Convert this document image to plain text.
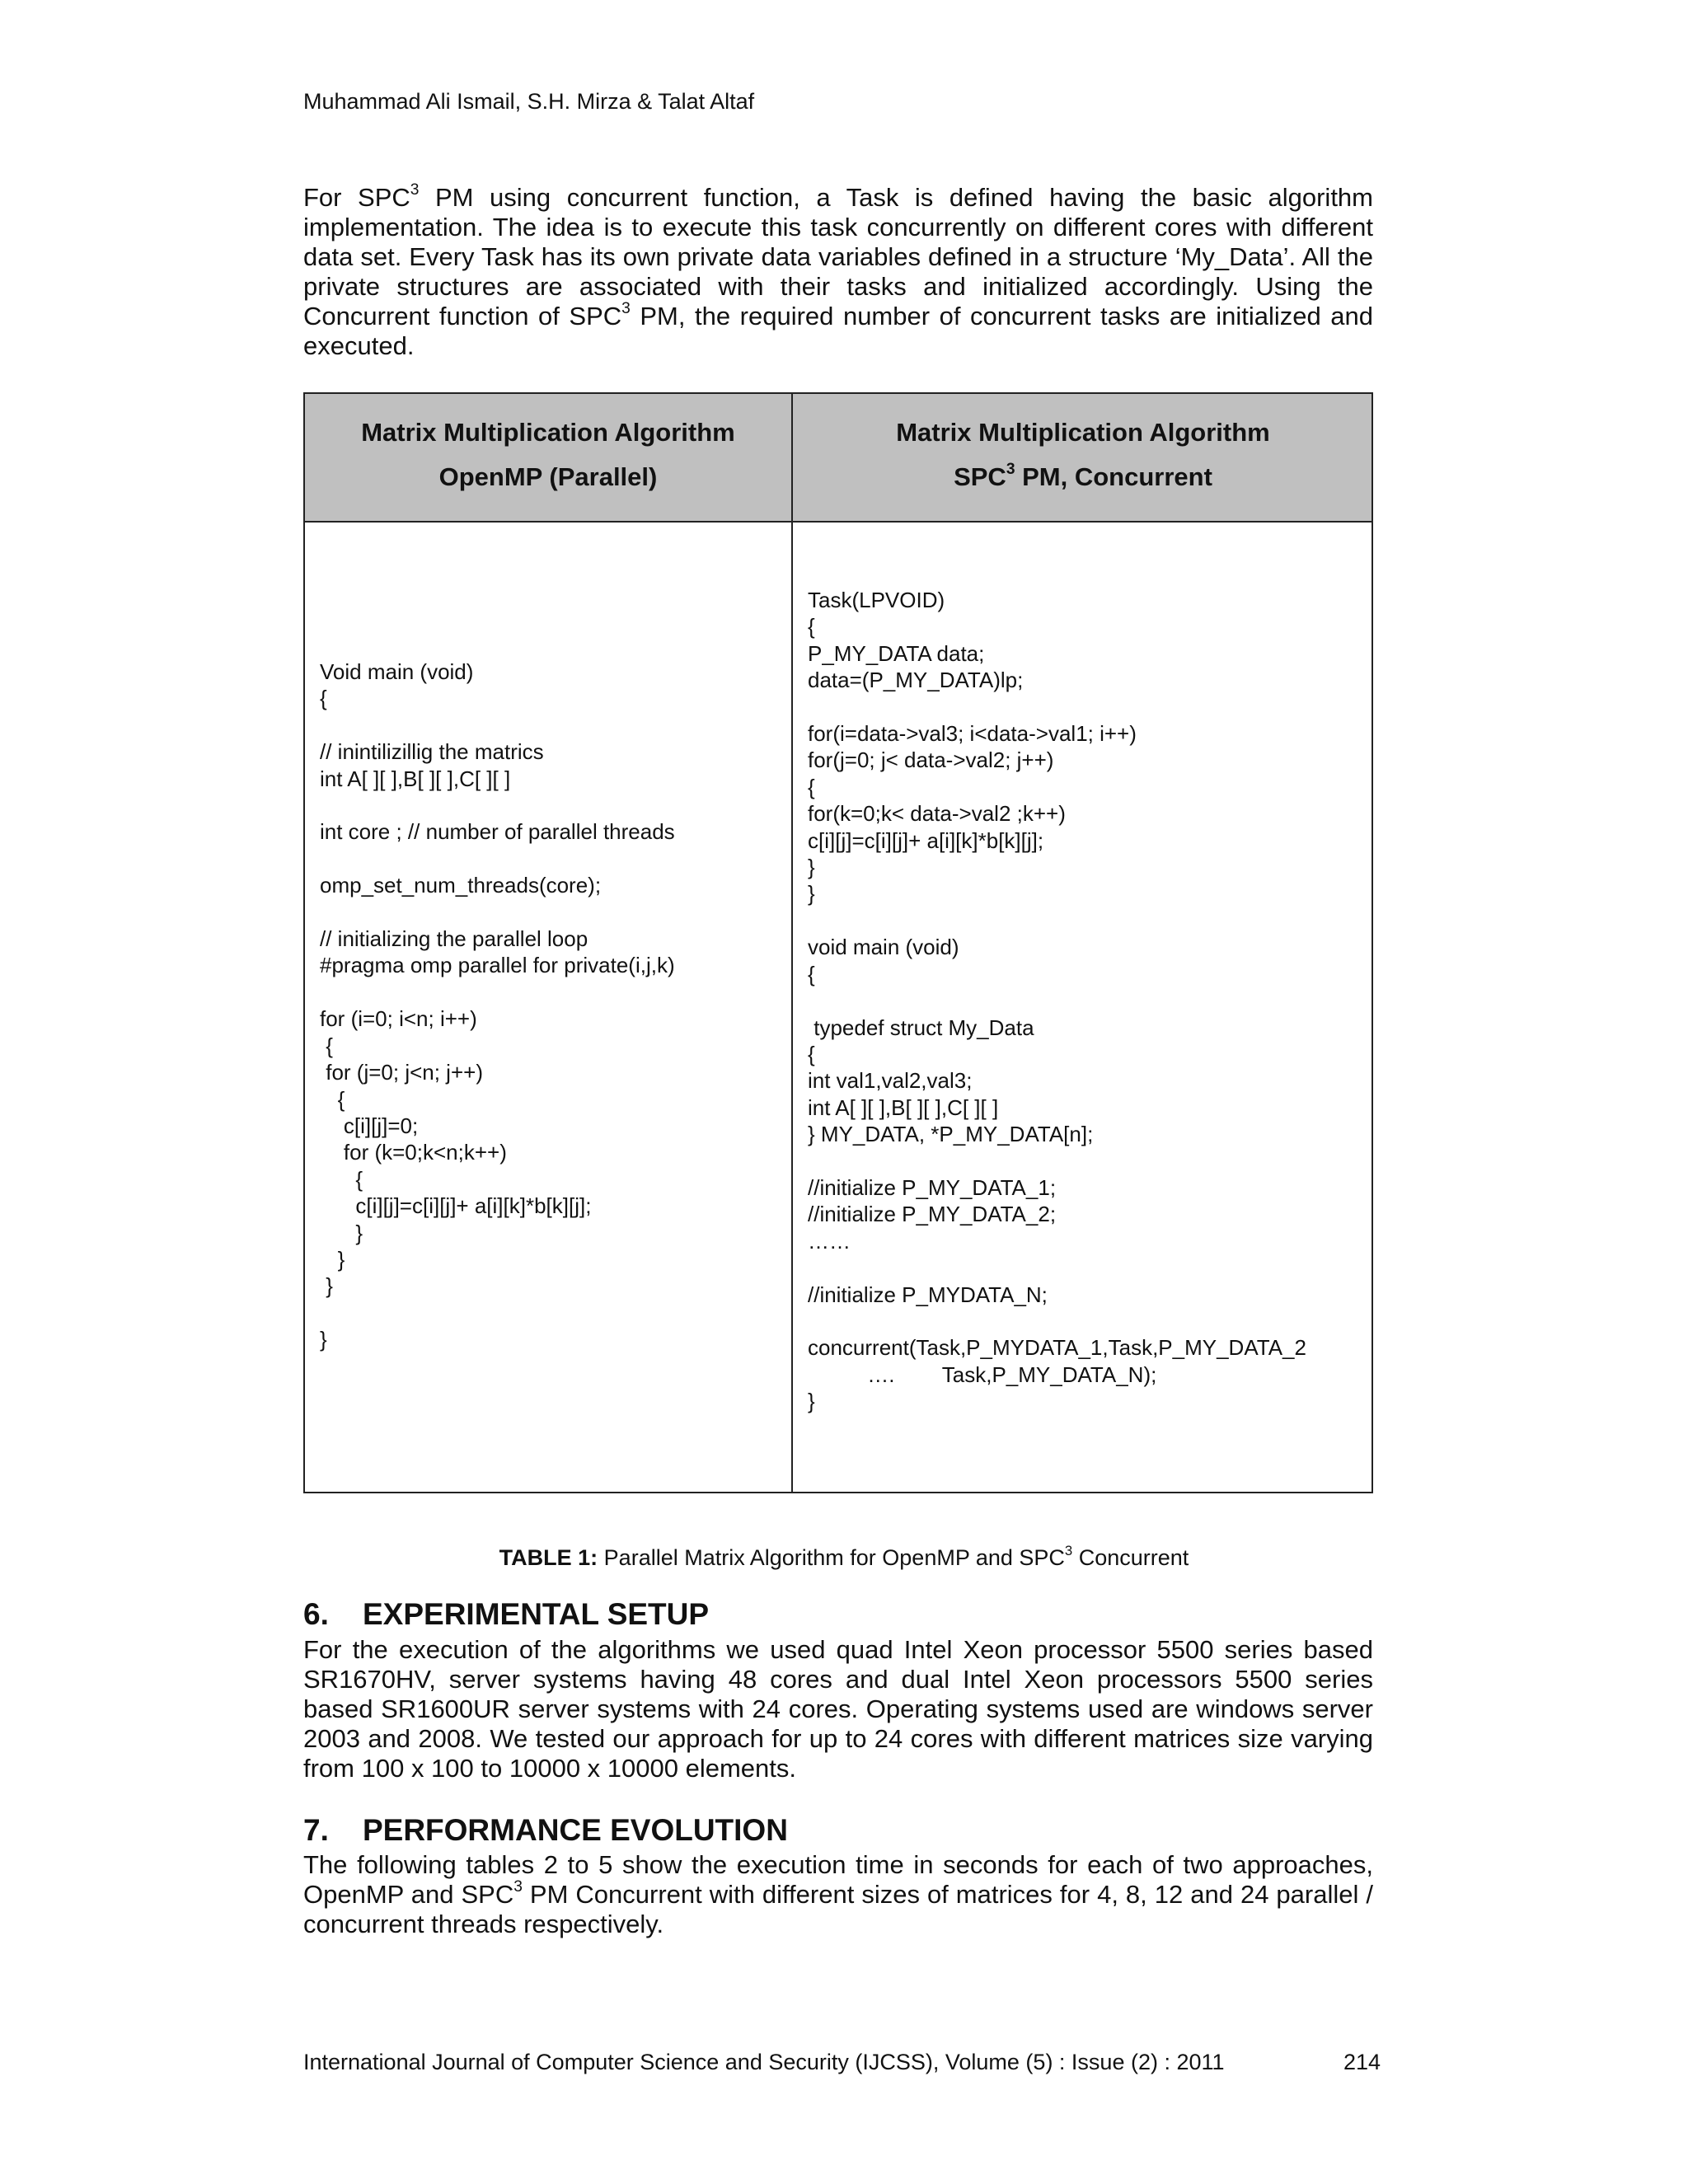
Muhammad Ali Ismail, S.H. Mirza & Talat Altaf

For SPC$^3$ PM using concurrent function, a Task is defined having the basic algorithm implementation. The idea is to execute this task concurrently on different cores with different data set. Every Task has its own private data variables defined in a structure ‘My_Data’. All the private structures are associated with their tasks and initialized accordingly. Using the Concurrent function of SPC$^3$ PM, the required number of concurrent tasks are initialized and executed.

Matrix Multiplication Algorithm
OpenMP (Parallel)
Matrix Multiplication Algorithm
SPC$^3$ PM, Concurrent
Void main (void)
{

// inintilizillig the matrics
int A[ ][ ],B[ ][ ],C[ ][ ]

int core ; // number of parallel threads

omp_set_num_threads(core);

// initializing the parallel loop
#pragma omp parallel for private(i,j,k)

for (i=0; i<n; i++)
{
for (j=0; j<n; j++)
{
c[i][j]=0;
for (k=0;k<n;k++)
{
c[i][j]=c[i][j]+ a[i][k]*b[k][j];
}
}
}

}
Task(LPVOID)
{
P_MY_DATA data;
data=(P_MY_DATA)lp;

for(i=data->val3; i<data->val1; i++)
for(j=0; j< data->val2; j++)
{
for(k=0;k< data->val2 ;k++)
c[i][j]=c[i][j]+ a[i][k]*b[k][j];
}
}

void main (void)
{

typedef struct My_Data
{
int val1,val2,val3;
int A[ ][ ],B[ ][ ],C[ ][ ]
} MY_DATA, *P_MY_DATA[n];

//initialize P_MY_DATA_1;
//initialize P_MY_DATA_2;
……

//initialize P_MYDATA_N;

concurrent(Task,P_MYDATA_1,Task,P_MY_DATA_2
….        Task,P_MY_DATA_N);
}
TABLE 1: Parallel Matrix Algorithm for OpenMP and SPC$^3$ Concurrent
6.    EXPERIMENTAL SETUP

For the execution of the algorithms we used quad Intel Xeon processor 5500 series based SR1670HV, server systems having 48 cores and dual Intel Xeon processors 5500 series based SR1600UR server systems with 24 cores. Operating systems used are windows server 2003 and 2008. We tested our approach for up to 24 cores with different matrices size varying from 100 x 100 to 10000 x 10000 elements.

7.    PERFORMANCE EVOLUTION

The following tables 2 to 5 show the execution time in seconds for each of two approaches, OpenMP and SPC$^3$ PM Concurrent with different sizes of matrices for 4, 8, 12 and 24 parallel / concurrent threads respectively.

International Journal of Computer Science and Security (IJCSS), Volume (5) : Issue (2) : 2011	214
